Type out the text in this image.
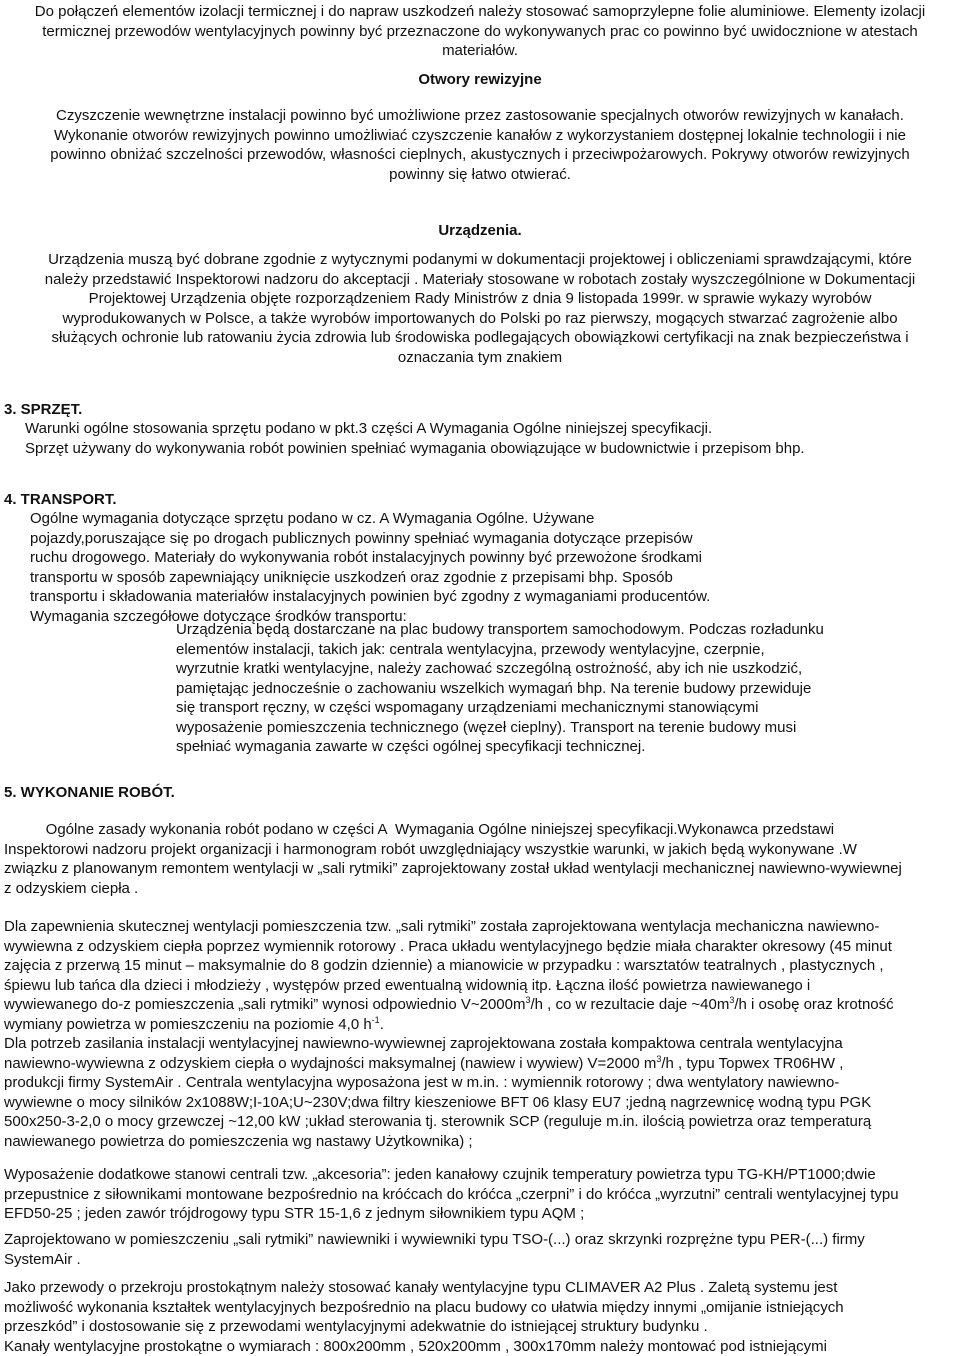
Do połączeń elementów izolacji termicznej i do napraw uszkodzeń należy stosować samoprzylepne folie aluminiowe. Elementy izolacji
termicznej przewodów wentylacyjnych powinny być przeznaczone do wykonywanych prac co powinno być uwidocznione w atestach
materiałów.
Otwory rewizyjne
Czyszczenie wewnętrzne instalacji powinno być umożliwione przez zastosowanie specjalnych otworów rewizyjnych w kanałach.
Wykonanie otworów rewizyjnych powinno umożliwiać czyszczenie kanałów z wykorzystaniem dostępnej lokalnie technologii i nie
powinno obniżać szczelności przewodów, własności cieplnych, akustycznych i przeciwpożarowych. Pokrywy otworów rewizyjnych
powinny się łatwo otwierać.
Urządzenia.
Urządzenia muszą być dobrane zgodnie z wytycznymi podanymi w dokumentacji projektowej i obliczeniami sprawdzającymi, które
należy przedstawić Inspektorowi nadzoru do akceptacji . Materiały stosowane w robotach zostały wyszczególnione w Dokumentacji
Projektowej Urządzenia objęte rozporządzeniem Rady Ministrów z dnia 9 listopada 1999r. w sprawie wykazy wyrobów
wyprodukowanych w Polsce, a także wyrobów importowanych do Polski po raz pierwszy, mogących stwarzać zagrożenie albo
służących ochronie lub ratowaniu życia zdrowia lub środowiska podlegających obowiązkowi certyfikacji na znak bezpieczeństwa i
oznaczania tym znakiem
3. SPRZĘT.
Warunki ogólne stosowania sprzętu podano w pkt.3 części A Wymagania Ogólne niniejszej specyfikacji.
Sprzęt używany do wykonywania robót powinien spełniać wymagania obowiązujące w budownictwie i przepisom bhp.
4. TRANSPORT.
Ogólne wymagania dotyczące sprzętu podano w cz. A Wymagania Ogólne. Używane
pojazdy,poruszające się po drogach publicznych powinny spełniać wymagania dotyczące przepisów
ruchu drogowego. Materiały do wykonywania robót instalacyjnych powinny być przewożone środkami
transportu w sposób zapewniający uniknięcie uszkodzeń oraz zgodnie z przepisami bhp. Sposób
transportu i składowania materiałów instalacyjnych powinien być zgodny z wymaganiami producentów.
Wymagania szczegółowe dotyczące środków transportu:
Urządzenia będą dostarczane na plac budowy transportem samochodowym. Podczas rozładunku
elementów instalacji, takich jak: centrala wentylacyjna, przewody wentylacyjne, czerpnie,
wyrzutnie kratki wentylacyjne, należy zachować szczególną ostrożność, aby ich nie uszkodzić,
pamiętając jednocześnie o zachowaniu wszelkich wymagań bhp. Na terenie budowy przewiduje
się transport ręczny, w części wspomagany urządzeniami mechanicznymi stanowiącymi
wyposażenie pomieszczenia technicznego (węzeł cieplny). Transport na terenie budowy musi
spełniać wymagania zawarte w części ogólnej specyfikacji technicznej.
5. WYKONANIE ROBÓT.
Ogólne zasady wykonania robót podano w części A  Wymagania Ogólne niniejszej specyfikacji.Wykonawca przedstawi
Inspektorowi nadzoru projekt organizacji i harmonogram robót uwzględniający wszystkie warunki, w jakich będą wykonywane .W
związku z planowanym remontem wentylacji w „sali rytmiki” zaprojektowany został układ wentylacji mechanicznej nawiewno-wywiewnej
z odzyskiem ciepła .
Dla zapewnienia skutecznej wentylacji pomieszczenia tzw. „sali rytmiki” została zaprojektowana wentylacja mechaniczna nawiewno-
wywiewna z odzyskiem ciepła poprzez wymiennik rotorowy . Praca układu wentylacyjnego będzie miała charakter okresowy (45 minut
zajęcia z przerwą 15 minut – maksymalnie do 8 godzin dziennie) a mianowicie w przypadku : warsztatów teatralnych , plastycznych ,
śpiewu lub tańca dla dzieci i młodzieży , występów przed ewentualną widownią itp. Łączna ilość powietrza nawiewanego i
wywiewanego do-z pomieszczenia „sali rytmiki” wynosi odpowiednio $V\sim 2000m^3/h$ , co w rezultacie daje $\sim 40m^3/h$ i osobę oraz krotność
wymiany powietrza w pomieszczeniu na poziomie 4,0 $h^{-1}$.
Dla potrzeb zasilania instalacji wentylacyjnej nawiewno-wywiewnej zaprojektowana została kompaktowa centrala wentylacyjna
nawiewno-wywiewna z odzyskiem ciepła o wydajności maksymalnej (nawiew i wywiew) V=2000 $m^3/h$ , typu Topwex TR06HW ,
produkcji firmy SystemAir . Centrala wentylacyjna wyposażona jest w m.in. : wymiennik rotorowy ; dwa wentylatory nawiewno-
wywiewne o mocy silników 2x1088W;I-10A;U~230V;dwa filtry kieszeniowe BFT 06 klasy EU7 ;jedną nagrzewnicę wodną typu PGK
500x250-3-2,0 o mocy grzewczej ~12,00 kW ;układ sterowania tj. sterownik SCP (reguluje m.in. ilością powietrza oraz temperaturą
nawiewanego powietrza do pomieszczenia wg nastawy Użytkownika) ;
Wyposażenie dodatkowe stanowi centrali tzw. „akcesoria”: jeden kanałowy czujnik temperatury powietrza typu TG-KH/PT1000;dwie
przepustnice z siłownikami montowane bezpośrednio na króćcach do króćca „czerpni” i do króćca „wyrzutni” centrali wentylacyjnej typu
EFD50-25 ; jeden zawór trójdrogowy typu STR 15-1,6 z jednym siłownikiem typu AQM ;
Zaprojektowano w pomieszczeniu „sali rytmiki” nawiewniki i wywiewniki typu TSO-(...) oraz skrzynki rozprężne typu PER-(...) firmy
SystemAir .
Jako przewody o przekroju prostokątnym należy stosować kanały wentylacyjne typu CLIMAVER A2 Plus . Zaletą systemu jest
możliwość wykonania kształtek wentylacyjnych bezpośrednio na placu budowy co ułatwia między innymi „omijanie istniejących
przeszkód” i dostosowanie się z przewodami wentylacyjnymi adekwatnie do istniejącej struktury budynku .
Kanały wentylacyjne prostokątne o wymiarach : 800x200mm , 520x200mm , 300x170mm należy montować pod istniejącymi
